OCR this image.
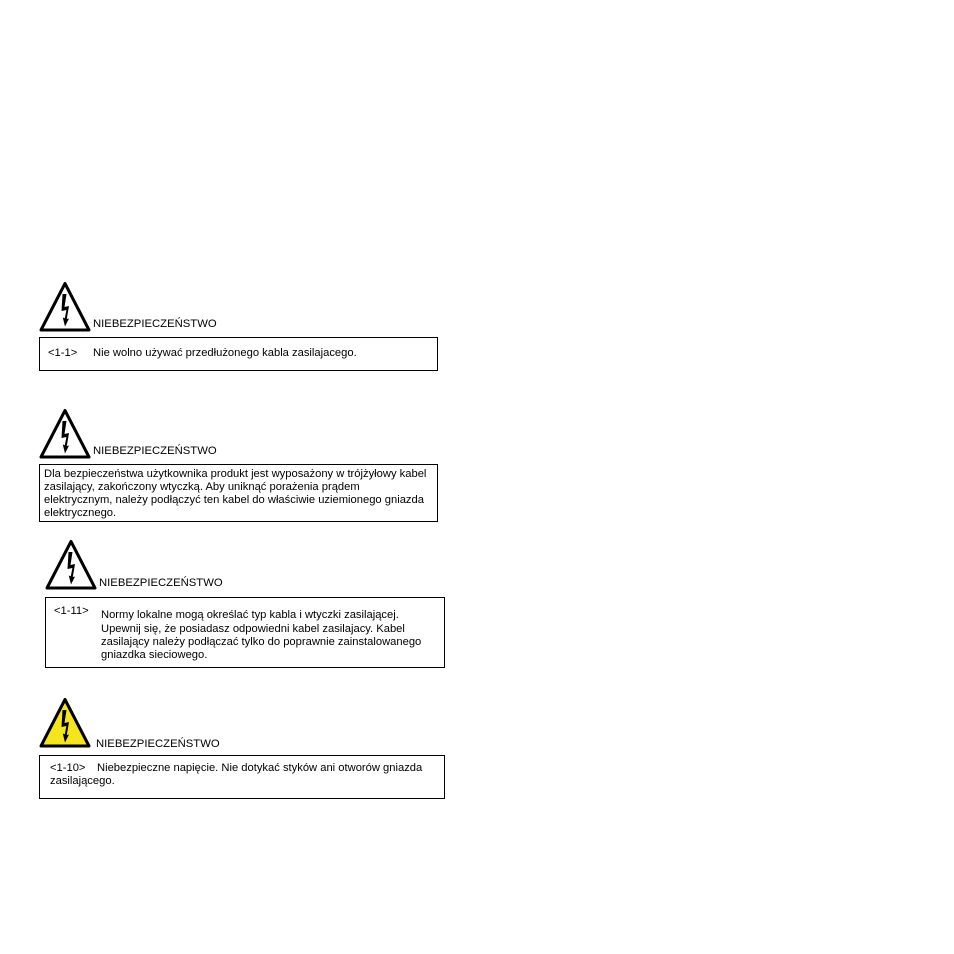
NIEBEZPIECZEŃSTWO
<1-1> Nie wolno używać przedłużonego kabla zasilajacego.
NIEBEZPIECZEŃSTWO
Dla bezpieczeństwa użytkownika produkt jest wyposażony w trójżyłowy kabel
zasilający, zakończony wtyczką. Aby uniknąć porażenia prądem
elektrycznym, należy podłączyć ten kabel do właściwie uziemionego gniazda
elektrycznego.
NIEBEZPIECZEŃSTWO
<1-11> Normy lokalne mogą określać typ kabla i wtyczki zasilającej.
Upewnij się, że posiadasz odpowiedni kabel zasilajacy. Kabel
zasilający należy podłączać tylko do poprawnie zainstalowanego
gniazdka sieciowego.
NIEBEZPIECZEŃSTWO
<1-10> Niebezpieczne napięcie. Nie dotykać styków ani otworów gniazda
zasilającego.
